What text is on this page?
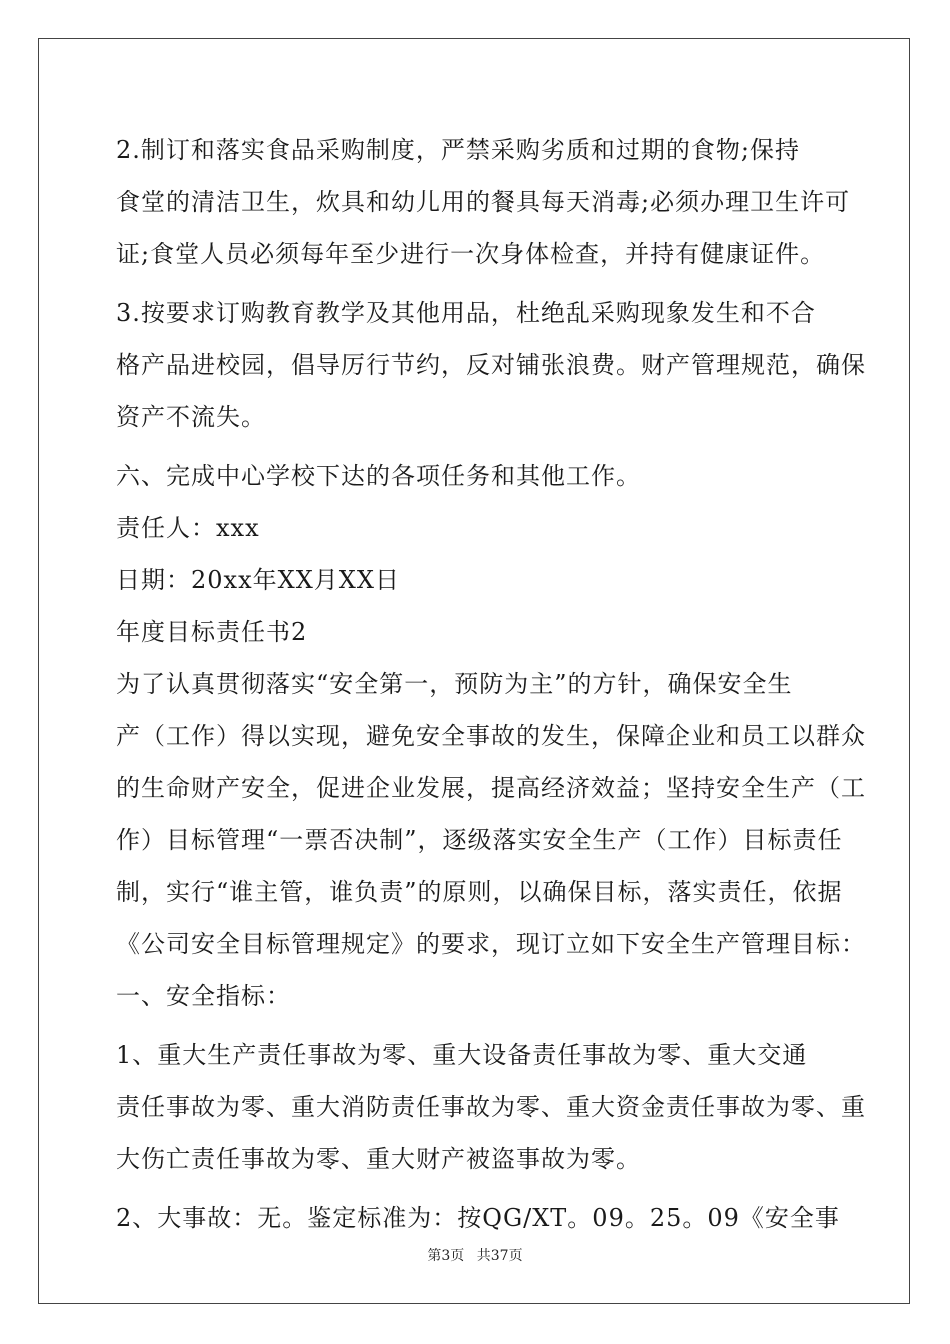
2.制订和落实食品采购制度，严禁采购劣质和过期的食物;保持
食堂的清洁卫生，炊具和幼儿用的餐具每天消毒;必须办理卫生许可
证;食堂人员必须每年至少进行一次身体检查，并持有健康证件。
3.按要求订购教育教学及其他用品，杜绝乱采购现象发生和不合
格产品进校园，倡导厉行节约，反对铺张浪费。财产管理规范，确保
资产不流失。
六、完成中心学校下达的各项任务和其他工作。
责任人：xxx
日期：20xx年XX月XX日
年度目标责任书2
为了认真贯彻落实“安全第一，预防为主”的方针，确保安全生
产（工作）得以实现，避免安全事故的发生，保障企业和员工以群众
的生命财产安全，促进企业发展，提高经济效益；坚持安全生产（工
作）目标管理“一票否决制”，逐级落实安全生产（工作）目标责任
制，实行“谁主管，谁负责”的原则，以确保目标，落实责任，依据
《公司安全目标管理规定》的要求，现订立如下安全生产管理目标：
一、安全指标：
1、重大生产责任事故为零、重大设备责任事故为零、重大交通
责任事故为零、重大消防责任事故为零、重大资金责任事故为零、重
大伤亡责任事故为零、重大财产被盗事故为零。
2、大事故：无。鉴定标准为：按QG/XT。09。25。09《安全事
第3页 共37页
